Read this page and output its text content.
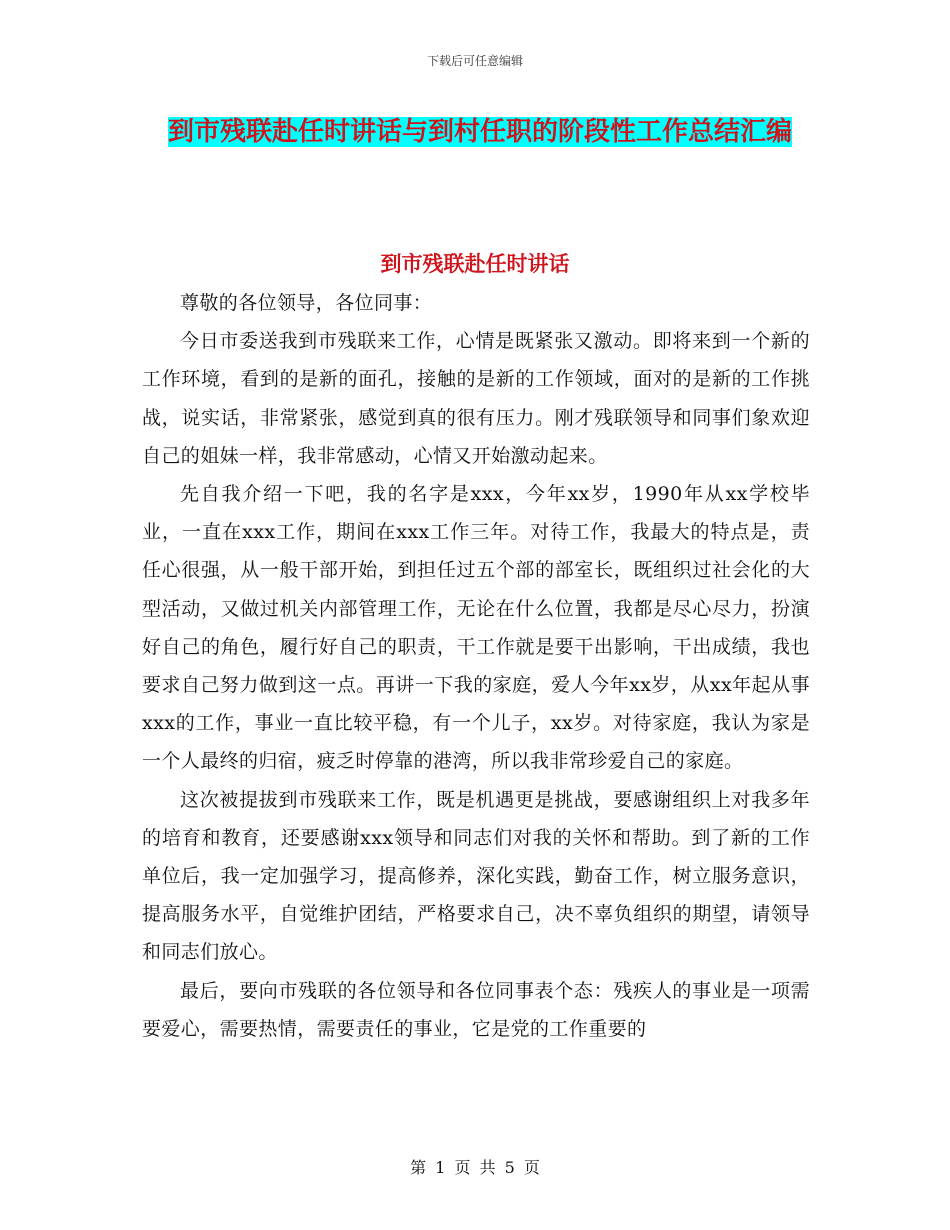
下载后可任意编辑
到市残联赴任时讲话与到村任职的阶段性工作总结汇编
到市残联赴任时讲话

尊敬的各位领导，各位同事：

今日市委送我到市残联来工作，心情是既紧张又激动。即将来到一个新的工作环境，看到的是新的面孔，接触的是新的工作领域，面对的是新的工作挑战，说实话，非常紧张，感觉到真的很有压力。刚才残联领导和同事们象欢迎自己的姐妹一样，我非常感动，心情又开始激动起来。

先自我介绍一下吧，我的名字是xxx，今年xx岁，1990年从xx学校毕业，一直在xxx工作，期间在xxx工作三年。对待工作，我最大的特点是，责任心很强，从一般干部开始，到担任过五个部的部室长，既组织过社会化的大型活动，又做过机关内部管理工作，无论在什么位置，我都是尽心尽力，扮演好自己的角色，履行好自己的职责，干工作就是要干出影响，干出成绩，我也要求自己努力做到这一点。再讲一下我的家庭，爱人今年xx岁，从xx年起从事xxx的工作，事业一直比较平稳，有一个儿子，xx岁。对待家庭，我认为家是一个人最终的归宿，疲乏时停靠的港湾，所以我非常珍爱自己的家庭。

这次被提拔到市残联来工作，既是机遇更是挑战，要感谢组织上对我多年的培育和教育，还要感谢xxx领导和同志们对我的关怀和帮助。到了新的工作单位后，我一定加强学习，提高修养，深化实践，勤奋工作，树立服务意识，提高服务水平，自觉维护团结，严格要求自己，决不辜负组织的期望，请领导和同志们放心。

最后，要向市残联的各位领导和各位同事表个态：残疾人的事业是一项需要爱心，需要热情，需要责任的事业，它是党的工作重要的

第 1 页 共 5 页
